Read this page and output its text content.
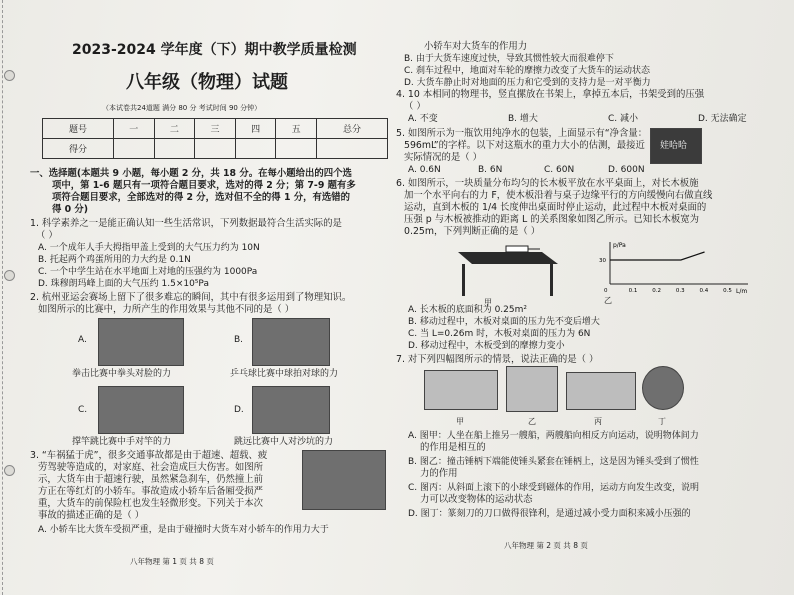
2023-2024 学年度（下）期中教学质量检测
八年级（物理）试题
（本试卷共24道题 满分 80 分 考试时间 90 分钟）
题号	一	二	三	四	五	总分
得分						
一、选择题(本题共 9 小题，每小题 2 分，共 18 分。在每小题给出的四个选
项中，第 1-6 题只有一项符合题目要求，选对的得 2 分；第 7-9 题有多
项符合题目要求，全部选对的得 2 分，选对但不全的得 1 分，有选错的
得 0 分)
1. 科学素养之一是能正确认知一些生活常识，下列数据最符合生活实际的是
（ ）
A. 一个成年人手大拇指甲盖上受到的大气压力约为 10N
B. 托起两个鸡蛋所用的力大约是 0.1N
C. 一个中学生站在水平地面上对地的压强约为 1000Pa
D. 珠穆朗玛峰上面的大气压约 1.5×10⁵Pa
2. 杭州亚运会赛场上留下了很多难忘的瞬间，其中有很多运用到了物理知识。
如图所示的比赛中，力所产生的作用效果与其他不同的是（ ）
A.
拳击比赛中拳头对脸的力
B.
乒乓球比赛中球拍对球的力
C.
撑竿跳比赛中手对竿的力
D.
跳远比赛中人对沙坑的力
3. “车祸猛于虎”，很多交通事故都是由于超速、超载、疲
劳驾驶等造成的，对家庭、社会造成巨大伤害。如图所
示，大货车由于超速行驶，虽然紧急刹车，仍然撞上前
方正在等红灯的小轿车。事故造成小轿车后备厢受损严
重，大货车的前保险杠也发生轻微形变。下列关于本次
事故的描述正确的是（ ）
A. 小轿车比大货车受损严重，是由于碰撞时大货车对小轿车的作用力大于
八年物理 第 1 页 共 8 页
小轿车对大货车的作用力
B. 由于大货车速度过快，导致其惯性较大而很难停下
C. 刹车过程中，地面对车轮的摩擦力改变了大货车的运动状态
D. 大货车静止时对地面的压力和它受到的支持力是一对平衡力
4. 10 本相同的物理书，竖直摞放在书架上，拿掉五本后，书架受到的压强
（ ）
A. 不变	B. 增大	C. 减小	D. 无法确定
5. 如图所示为一瓶饮用纯净水的包装，上面显示有“净含量：
596mL”的字样。以下对这瓶水的重力大小的估测，最接近
实际情况的是（ ）
A. 0.6N	B. 6N	C. 60N	D. 600N
娃哈哈
6. 如图所示，一块质量分布均匀的长木板平放在水平桌面上，对长木板施
加一个水平向右的力 F，使木板沿着与桌子边缘平行的方向缓慢向右做直线
运动，直到木板的 1/4 长度伸出桌面时停止运动，此过程中木板对桌面的
压强 p 与木板被推动的距离 L 的关系图象如图乙所示。已知长木板宽为
0.25m，下列判断正确的是（ ）
甲
p/Pa
L/m
0.1	0.2	0.3	0.4	0.5
30
0
乙
A. 长木板的底面积为 0.25m²
B. 移动过程中，木板对桌面的压力先不变后增大
C. 当 L=0.26m 时，木板对桌面的压力为 6N
D. 移动过程中，木板受到的摩擦力变小
7. 对下列四幅图所示的情景，说法正确的是（ ）
甲	乙	丙	丁
A. 图甲：人坐在船上推另一艘船，两艘船向相反方向运动，说明物体间力
的作用是相互的
B. 图乙：撞击锤柄下端能使锤头紧套在锤柄上，这是因为锤头受到了惯性
力的作用
C. 图丙：从斜面上滚下的小球受到磁体的作用，运动方向发生改变，说明
力可以改变物体的运动状态
D. 图丁：篆刻刀的刀口做得很锋利，是通过减小受力面积来减小压强的
八年物理 第 2 页 共 8 页
